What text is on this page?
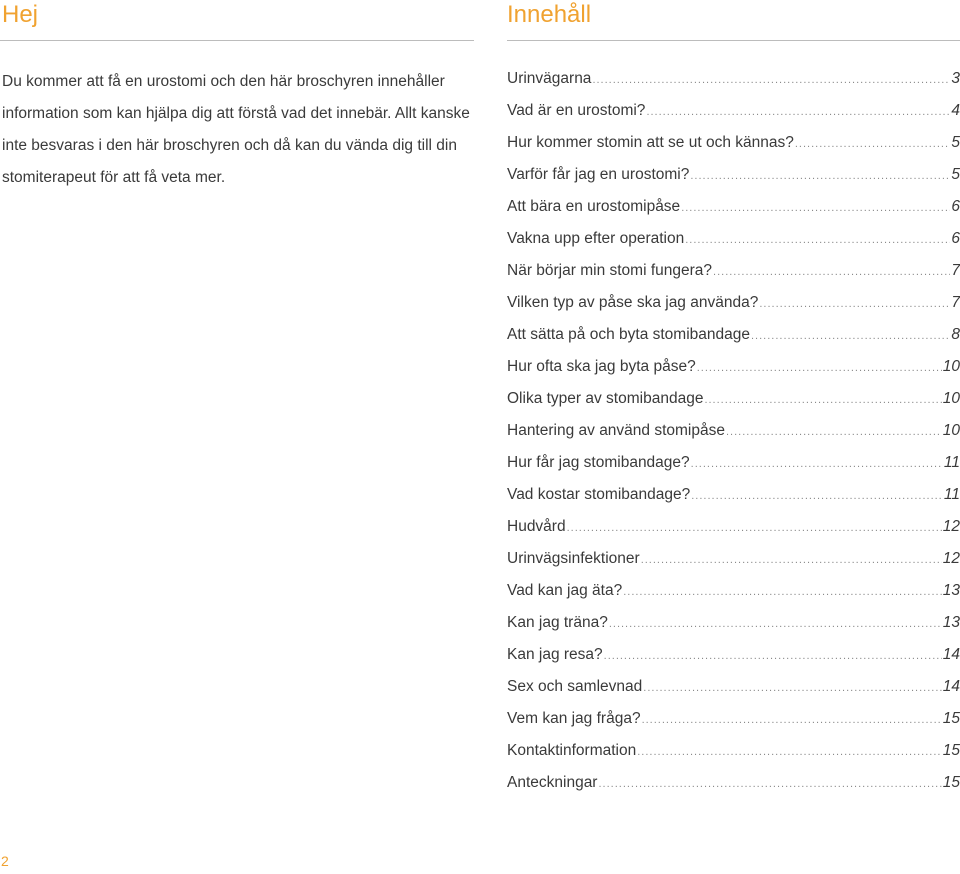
Hej

Du kommer att få en urostomi och den här broschyren innehåller information som kan hjälpa dig att förstå vad det innebär. Allt kanske inte besvaras i den här broschyren och då kan du vända dig till din stomiterapeut för att få veta mer.

Innehåll
Urinvägarna .....	3
Vad är en urostomi? .....	4
Hur kommer stomin att se ut och kännas? .....	5
Varför får jag en urostomi? .....	5
Att bära en urostomipåse .....	6
Vakna upp efter operation .....	6
När börjar min stomi fungera? .....	7
Vilken typ av påse ska jag använda? .....	7
Att sätta på och byta stomibandage .....	8
Hur ofta ska jag byta påse? .....	10
Olika typer av stomibandage .....	10
Hantering av använd stomipåse .....	10
Hur får jag stomibandage? .....	11
Vad kostar stomibandage? .....	11
Hudvård .....	12
Urinvägsinfektioner .....	12
Vad kan jag äta? .....	13
Kan jag träna? .....	13
Kan jag resa? .....	14
Sex och samlevnad .....	14
Vem kan jag fråga? .....	15
Kontaktinformation .....	15
Anteckningar .....	15
2
